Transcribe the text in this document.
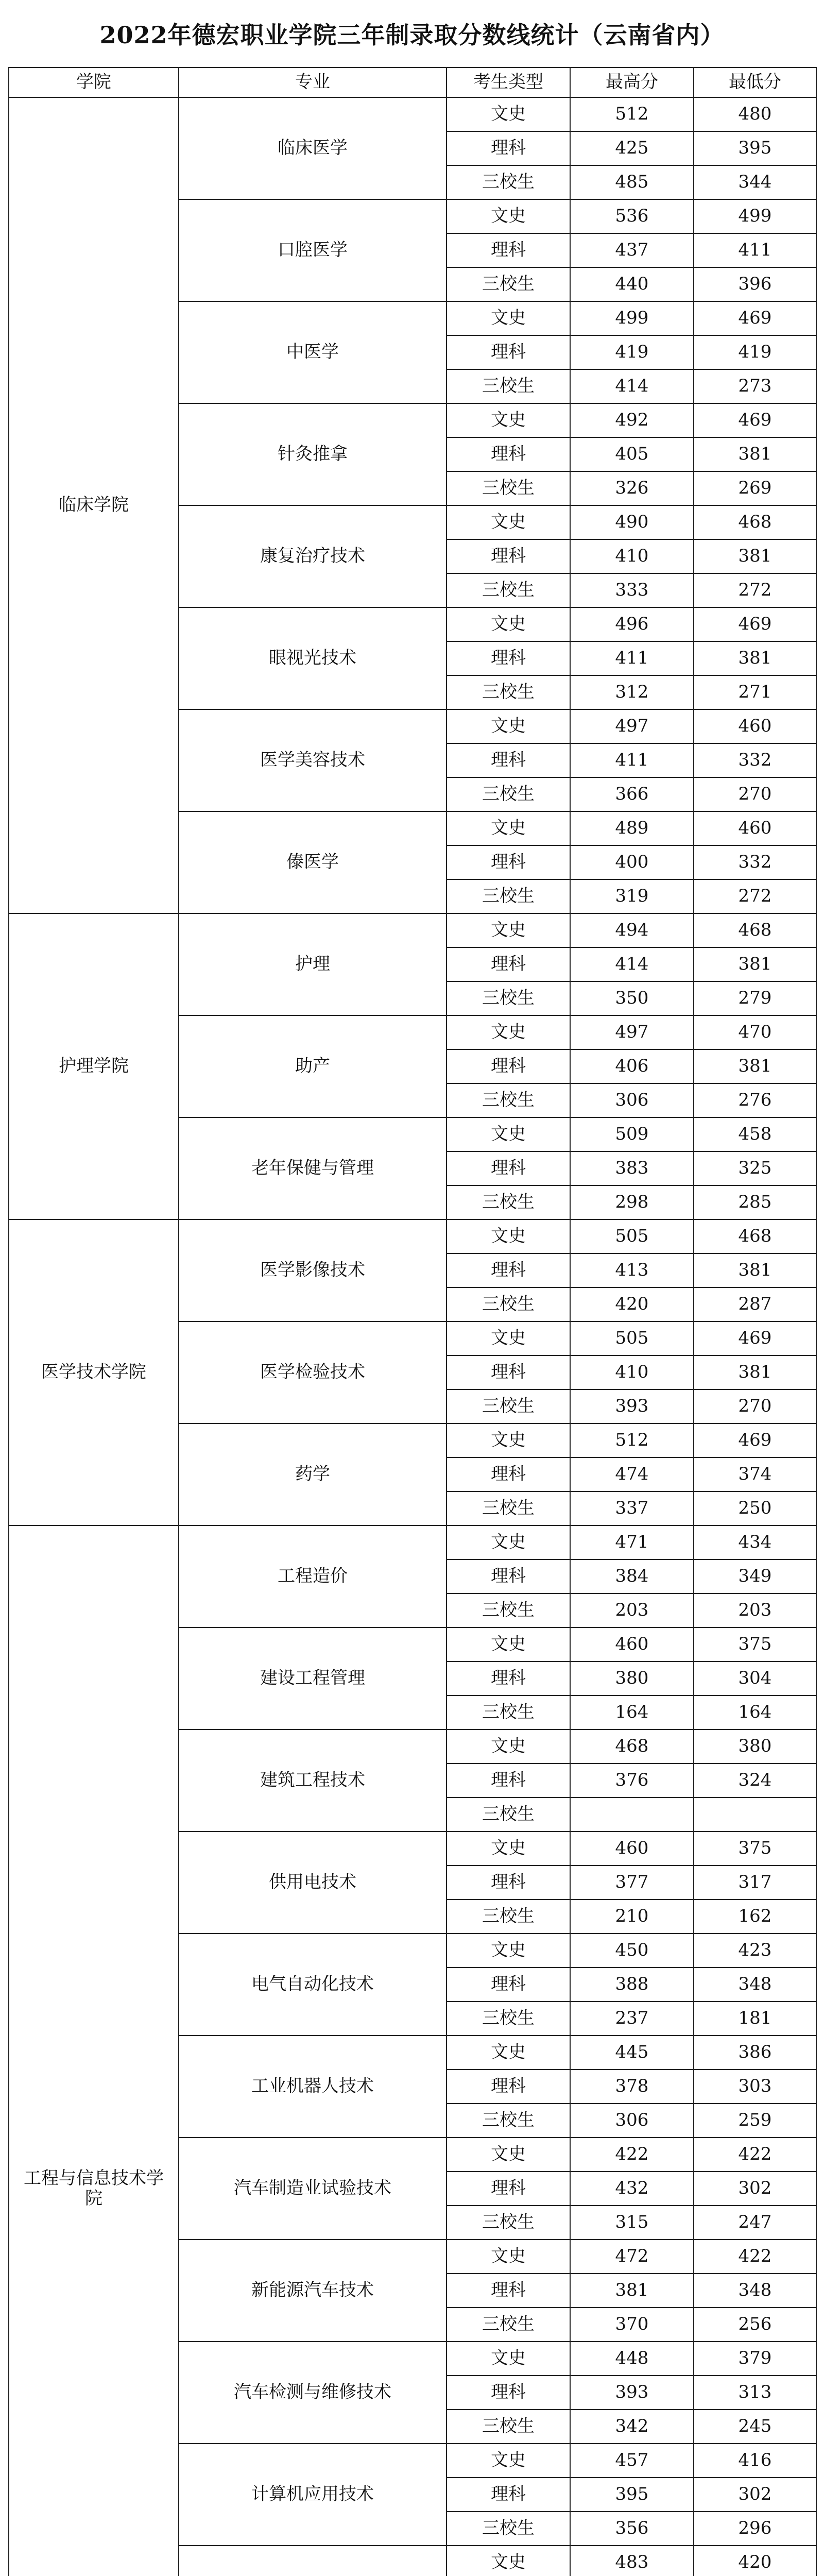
2022年德宏职业学院三年制录取分数线统计（云南省内）
学院	专业	考生类型	最高分	最低分
临床学院	临床医学	文史	512	480
		理科	425	395
		三校生	485	344
	口腔医学	文史	536	499
		理科	437	411
		三校生	440	396
	中医学	文史	499	469
		理科	419	419
		三校生	414	273
	针灸推拿	文史	492	469
		理科	405	381
		三校生	326	269
	康复治疗技术	文史	490	468
		理科	410	381
		三校生	333	272
	眼视光技术	文史	496	469
		理科	411	381
		三校生	312	271
	医学美容技术	文史	497	460
		理科	411	332
		三校生	366	270
	傣医学	文史	489	460
		理科	400	332
		三校生	319	272
护理学院	护理	文史	494	468
		理科	414	381
		三校生	350	279
	助产	文史	497	470
		理科	406	381
		三校生	306	276
	老年保健与管理	文史	509	458
		理科	383	325
		三校生	298	285
医学技术学院	医学影像技术	文史	505	468
		理科	413	381
		三校生	420	287
	医学检验技术	文史	505	469
		理科	410	381
		三校生	393	270
	药学	文史	512	469
		理科	474	374
		三校生	337	250
工程与信息技术学院	工程造价	文史	471	434
		理科	384	349
		三校生	203	203
	建设工程管理	文史	460	375
		理科	380	304
		三校生	164	164
	建筑工程技术	文史	468	380
		理科	376	324
		三校生		
	供用电技术	文史	460	375
		理科	377	317
		三校生	210	162
	电气自动化技术	文史	450	423
		理科	388	348
		三校生	237	181
	工业机器人技术	文史	445	386
		理科	378	303
		三校生	306	259
	汽车制造业试验技术	文史	422	422
		理科	432	302
		三校生	315	247
	新能源汽车技术	文史	472	422
		理科	381	348
		三校生	370	256
	汽车检测与维修技术	文史	448	379
		理科	393	313
		三校生	342	245
	计算机应用技术	文史	457	416
		理科	395	302
		三校生	356	296
	文史	483	420
